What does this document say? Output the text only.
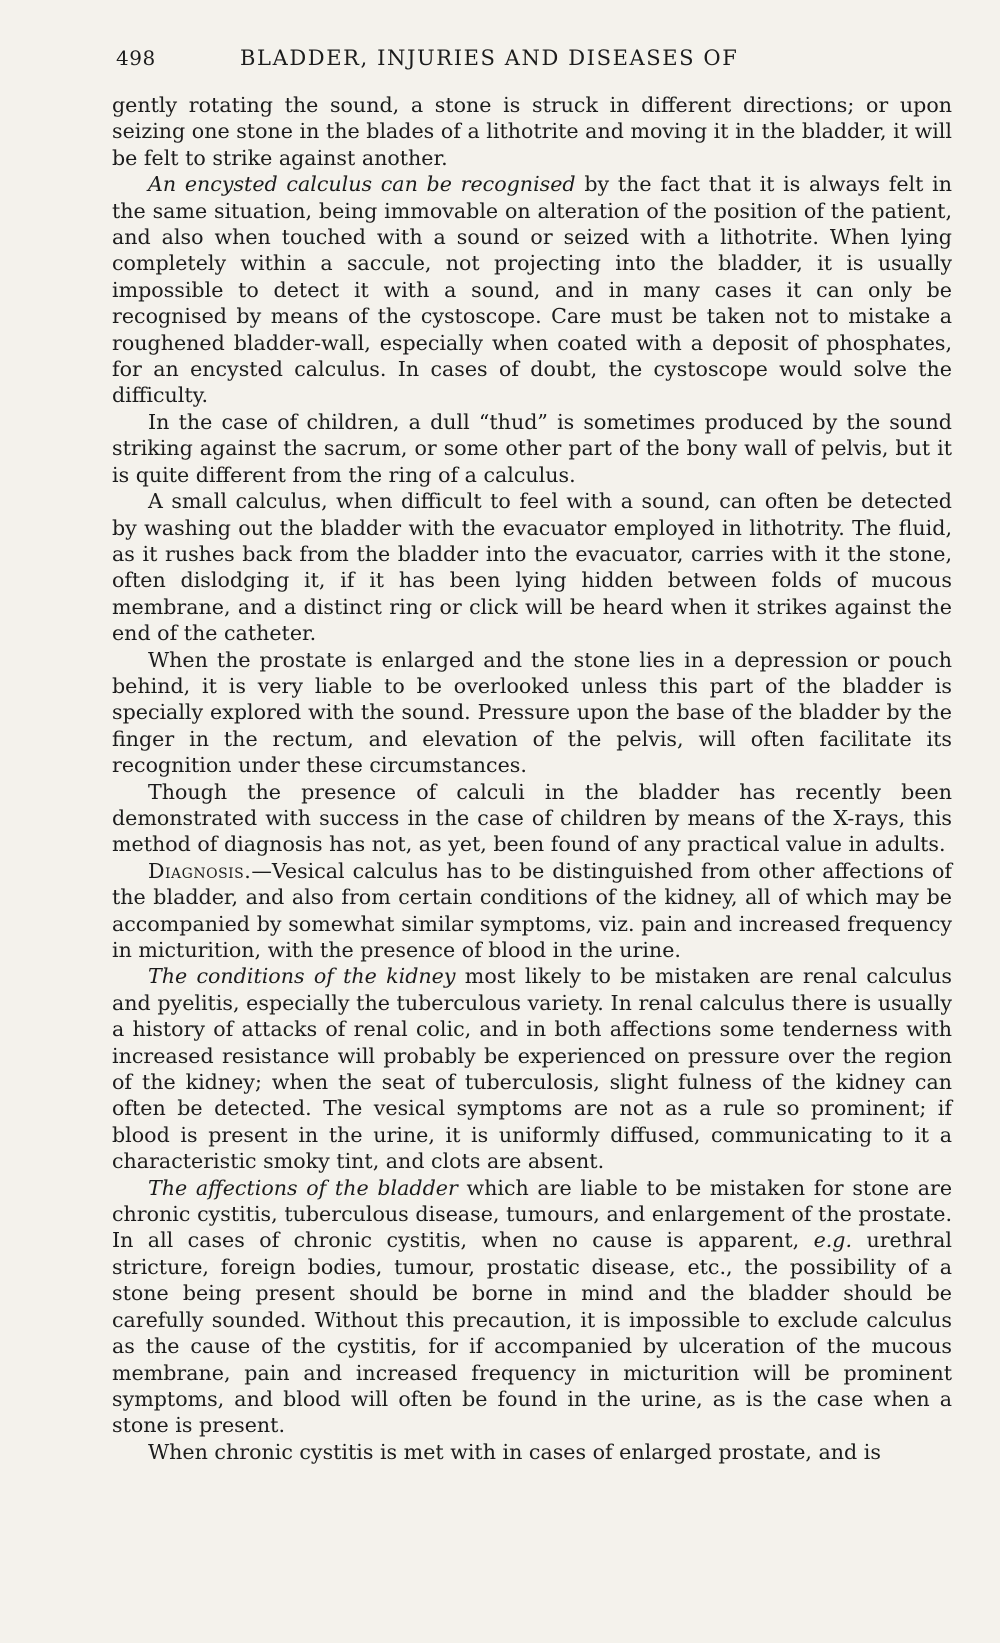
498	BLADDER, INJURIES AND DISEASES OF

gently rotating the sound, a stone is struck in different directions; or upon seizing one stone in the blades of a lithotrite and moving it in the bladder, it will be felt to strike against another.

An encysted calculus can be recognised by the fact that it is always felt in the same situation, being immovable on alteration of the position of the patient, and also when touched with a sound or seized with a lithotrite. When lying completely within a saccule, not projecting into the bladder, it is usually impossible to detect it with a sound, and in many cases it can only be recognised by means of the cystoscope. Care must be taken not to mistake a roughened bladder-wall, especially when coated with a deposit of phosphates, for an encysted calculus. In cases of doubt, the cystoscope would solve the difficulty.

In the case of children, a dull “thud” is sometimes produced by the sound striking against the sacrum, or some other part of the bony wall of pelvis, but it is quite different from the ring of a calculus.

A small calculus, when difficult to feel with a sound, can often be detected by washing out the bladder with the evacuator employed in lithotrity. The fluid, as it rushes back from the bladder into the evacuator, carries with it the stone, often dislodging it, if it has been lying hidden between folds of mucous membrane, and a distinct ring or click will be heard when it strikes against the end of the catheter.

When the prostate is enlarged and the stone lies in a depression or pouch behind, it is very liable to be overlooked unless this part of the bladder is specially explored with the sound. Pressure upon the base of the bladder by the finger in the rectum, and elevation of the pelvis, will often facilitate its recognition under these circumstances.

Though the presence of calculi in the bladder has recently been demonstrated with success in the case of children by means of the X-rays, this method of diagnosis has not, as yet, been found of any practical value in adults.

Diagnosis.—Vesical calculus has to be distinguished from other affections of the bladder, and also from certain conditions of the kidney, all of which may be accompanied by somewhat similar symptoms, viz. pain and increased frequency in micturition, with the presence of blood in the urine.

The conditions of the kidney most likely to be mistaken are renal calculus and pyelitis, especially the tuberculous variety. In renal calculus there is usually a history of attacks of renal colic, and in both affections some tenderness with increased resistance will probably be experienced on pressure over the region of the kidney; when the seat of tuberculosis, slight fulness of the kidney can often be detected. The vesical symptoms are not as a rule so prominent; if blood is present in the urine, it is uniformly diffused, communicating to it a characteristic smoky tint, and clots are absent.

The affections of the bladder which are liable to be mistaken for stone are chronic cystitis, tuberculous disease, tumours, and enlargement of the prostate. In all cases of chronic cystitis, when no cause is apparent, e.g. urethral stricture, foreign bodies, tumour, prostatic disease, etc., the possibility of a stone being present should be borne in mind and the bladder should be carefully sounded. Without this precaution, it is impossible to exclude calculus as the cause of the cystitis, for if accompanied by ulceration of the mucous membrane, pain and increased frequency in micturition will be prominent symptoms, and blood will often be found in the urine, as is the case when a stone is present.

When chronic cystitis is met with in cases of enlarged prostate, and is
